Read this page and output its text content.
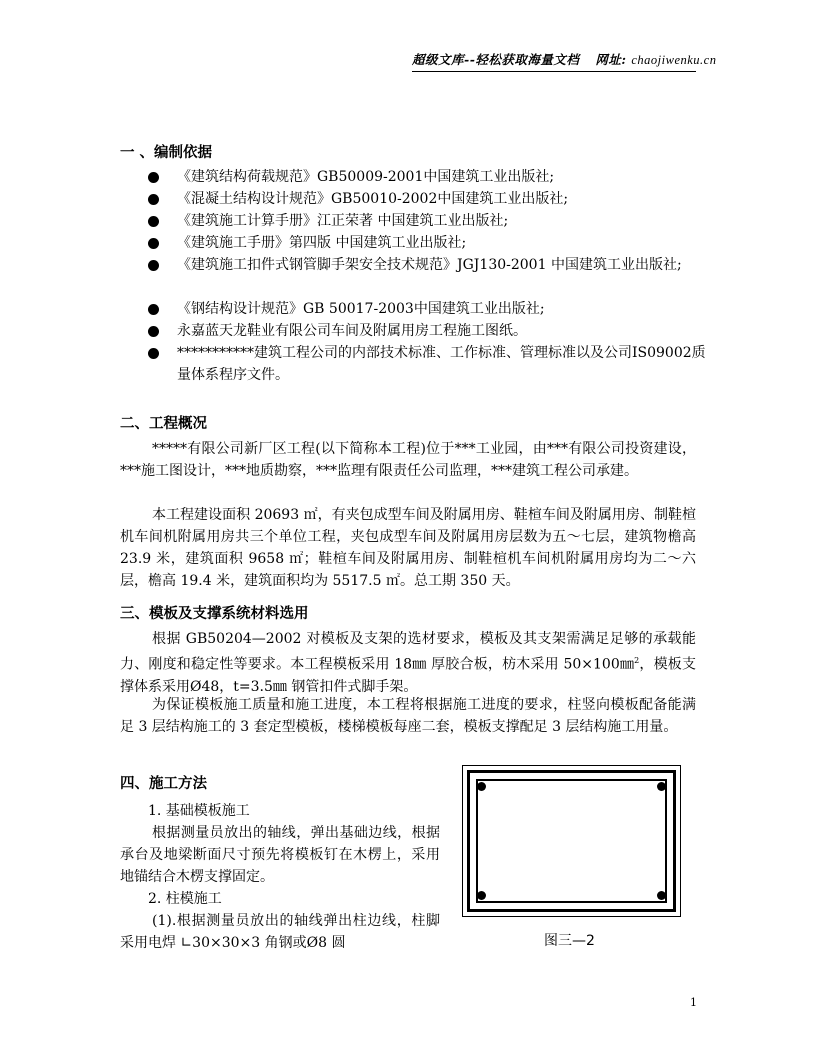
超级文库--轻松获取海量文档 网址: chaojiwenku.cn
一 、编制依据
《建筑结构荷载规范》GB50009-2001中国建筑工业出版社;
《混凝土结构设计规范》GB50010-2002中国建筑工业出版社;
《建筑施工计算手册》江正荣著 中国建筑工业出版社;
《建筑施工手册》第四版 中国建筑工业出版社;
《建筑施工扣件式钢管脚手架安全技术规范》JGJ130-2001 中国建筑工业出版社;
《钢结构设计规范》GB 50017-2003中国建筑工业出版社;
永嘉蓝天龙鞋业有限公司车间及附属用房工程施工图纸。
***********建筑工程公司的内部技术标准、工作标准、管理标准以及公司IS09002质量体系程序文件。
二、工程概况
*****有限公司新厂区工程(以下简称本工程)位于***工业园，由***有限公司投资建设，***施工图设计，***地质勘察，***监理有限责任公司监理，***建筑工程公司承建。
本工程建设面积 20693 ㎡，有夹包成型车间及附属用房、鞋楦车间及附属用房、制鞋楦机车间机附属用房共三个单位工程，夹包成型车间及附属用房层数为五～七层，建筑物檐高 23.9 米，建筑面积 9658 ㎡；鞋楦车间及附属用房、制鞋楦机车间机附属用房均为二～六层，檐高 19.4 米，建筑面积均为 5517.5 ㎡。总工期 350 天。
三、模板及支撑系统材料选用
根据 GB50204—2002 对模板及支架的选材要求，模板及其支架需满足足够的承载能力、刚度和稳定性等要求。本工程模板采用 18㎜ 厚胶合板，枋木采用 50×100㎜$^2$，模板支撑体系采用Ø48，t=3.5㎜ 钢管扣件式脚手架。
为保证模板施工质量和施工进度，本工程将根据施工进度的要求，柱竖向模板配备能满足 3 层结构施工的 3 套定型模板，楼梯模板每座二套，模板支撑配足 3 层结构施工用量。
四、施工方法
1. 基础模板施工
根据测量员放出的轴线，弹出基础边线，根据承台及地梁断面尺寸预先将模板钉在木楞上，采用地锚结合木楞支撑固定。
2. 柱模施工
(1).根据测量员放出的轴线弹出柱边线，柱脚采用电焊 ∟30×30×3 角钢或Ø8 圆	图三—2
1
